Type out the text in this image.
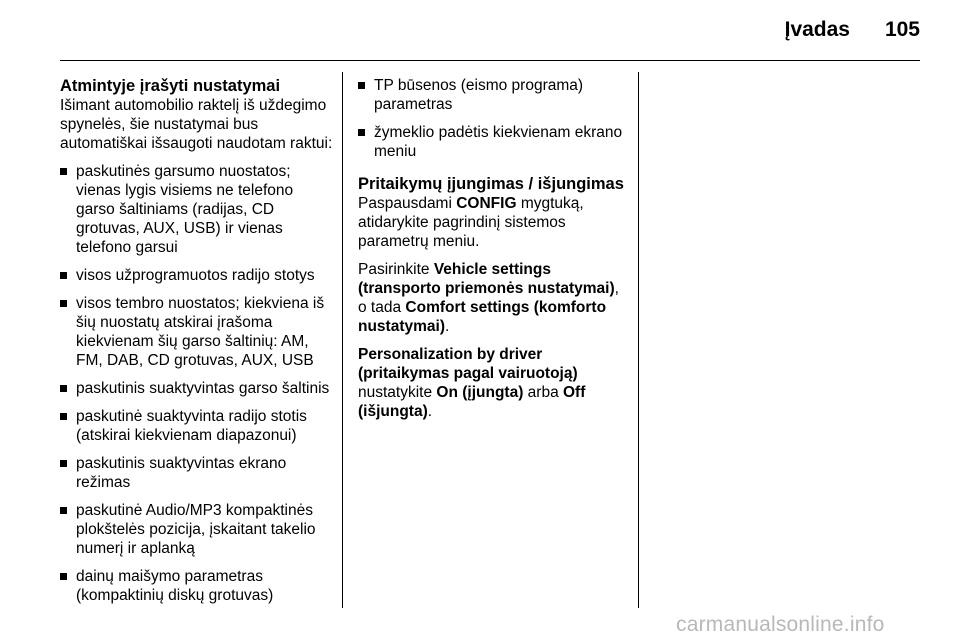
Įvadas 105
Atmintyje įrašyti nustatymai

Išimant automobilio raktelį iš uždegimo spynelės, šie nustatymai bus automatiškai išsaugoti naudotam raktui:

paskutinės garsumo nuostatos; vienas lygis visiems ne telefono garso šaltiniams (radijas, CD grotuvas, AUX, USB) ir vienas telefono garsui
visos užprogramuotos radijo stotys
visos tembro nuostatos; kiekviena iš šių nuostatų atskirai įrašoma kiekvienam šių garso šaltinių: AM, FM, DAB, CD grotuvas, AUX, USB
paskutinis suaktyvintas garso šaltinis
paskutinė suaktyvinta radijo stotis (atskirai kiekvienam diapazonui)
paskutinis suaktyvintas ekrano režimas
paskutinė Audio/MP3 kompaktinės plokštelės pozicija, įskaitant takelio numerį ir aplanką
dainų maišymo parametras (kompaktinių diskų grotuvas)
TP būsenos (eismo programa) parametras
žymeklio padėtis kiekvienam ekrano meniu
Pritaikymų įjungimas / išjungimas

Paspausdami CONFIG mygtuką, atidarykite pagrindinį sistemos parametrų meniu.

Pasirinkite Vehicle settings (transporto priemonės nustatymai), o tada Comfort settings (komforto nustatymai).

Personalization by driver (pritaikymas pagal vairuotoją) nustatykite On (įjungta) arba Off (išjungta).

carmanualsonline.info
